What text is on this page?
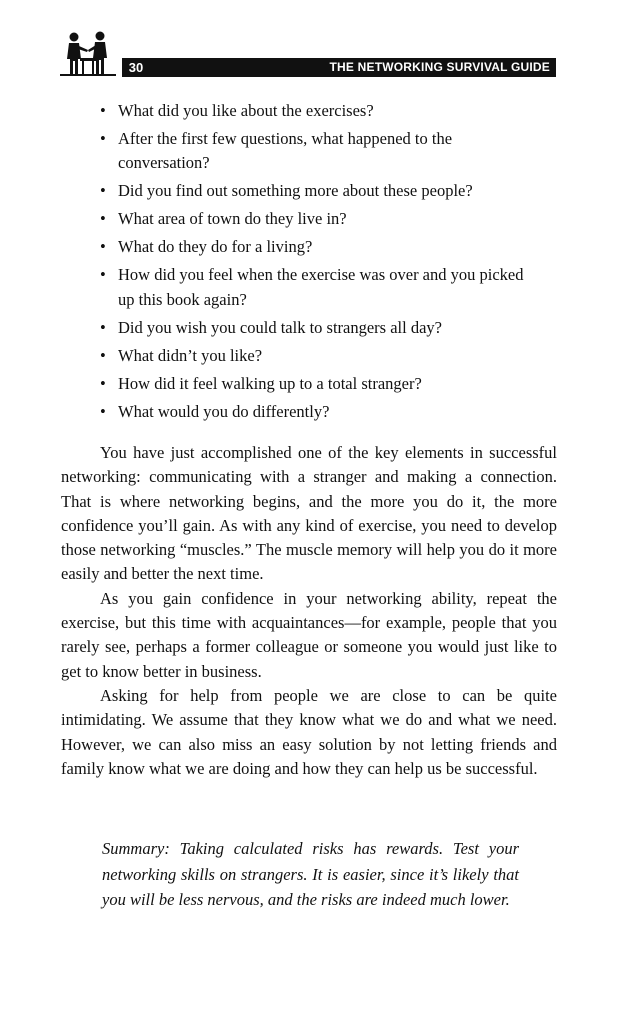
30	THE NETWORKING SURVIVAL GUIDE
• What did you like about the exercises?
• After the first few questions, what happened to the conversation?
• Did you find out something more about these people?
• What area of town do they live in?
• What do they do for a living?
• How did you feel when the exercise was over and you picked up this book again?
• Did you wish you could talk to strangers all day?
• What didn’t you like?
• How did it feel walking up to a total stranger?
• What would you do differently?

You have just accomplished one of the key elements in successful networking: communicating with a stranger and making a connection. That is where networking begins, and the more you do it, the more confidence you’ll gain. As with any kind of exercise, you need to develop those networking “muscles.” The muscle memory will help you do it more easily and better the next time.

As you gain confidence in your networking ability, repeat the exercise, but this time with acquaintances—for example, people that you rarely see, perhaps a former colleague or someone you would just like to get to know better in business.

Asking for help from people we are close to can be quite intimidating. We assume that they know what we do and what we need. However, we can also miss an easy solution by not letting friends and family know what we are doing and how they can help us be successful.

Summary: Taking calculated risks has rewards. Test your networking skills on strangers. It is easier, since it’s likely that you will be less nervous, and the risks are indeed much lower.
